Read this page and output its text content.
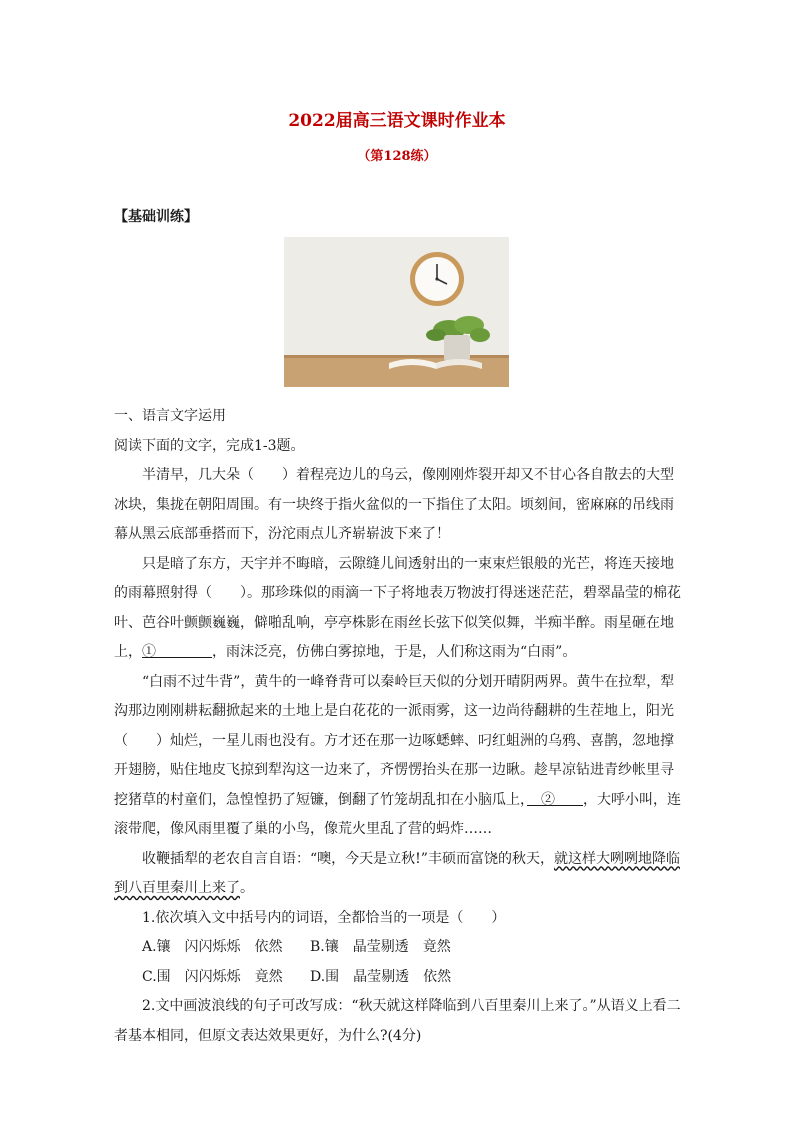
2022届高三语文课时作业本
（第128练）
【基础训练】

一、语言文字运用

阅读下面的文字，完成1-3题。

半清早，几大朵（　　）着程亮边儿的乌云，像刚刚炸裂开却又不甘心各自散去的大型冰块，集拢在朝阳周围。有一块终于指火盆似的一下指住了太阳。顷刻间，密麻麻的吊线雨幕从黑云底部垂搭而下，汾沱雨点儿齐崭崭波下来了！

只是暗了东方，天宇并不晦暗，云隙缝儿间透射出的一束束烂银般的光芒，将连天接地的雨幕照射得（　　）。那珍珠似的雨滴一下子将地表万物波打得迷迷茫茫，碧翠晶莹的棉花叶、芭谷叶颤颤巍巍，僻啪乱响，亭亭株影在雨丝长弦下似笑似舞，半痴半醉。雨星砸在地上，①　　　　，雨沫泛亮，仿佛白雾掠地，于是，人们称这雨为“白雨”。

“白雨不过牛背”，黄牛的一峰脊背可以秦岭巨天似的分划开晴阴两界。黄牛在拉犁，犁沟那边刚刚耕耘翻掀起来的土地上是白花花的一派雨雾，这一边尚待翻耕的生茬地上，阳光（　　）灿烂，一星儿雨也没有。方才还在那一边啄蟋蟀、叼红蛆洲的乌鸦、喜鹊，忽地撑开翅膀，贴住地皮飞掠到犁沟这一边来了，齐愣愣抬头在那一边瞅。趁早凉钻进青纱帐里寻挖猪草的村童们，急惶惶扔了短镰，倒翻了竹笼胡乱扣在小脑瓜上，　②　　，大呼小叫，连滚带爬，像风雨里覆了巢的小鸟，像荒火里乱了营的蚂炸……

收鞭插犁的老农自言自语：“噢，今天是立秋!”丰硕而富饶的秋天，就这样大咧咧地降临到八百里秦川上来了。

1.依次填入文中括号内的词语，全都恰当的一项是（　　）

A.镶　闪闪烁烁　依然 B.镶　晶莹剔透　竟然

C.围　闪闪烁烁　竟然 D.围　晶莹剔透　依然

2.文中画波浪线的句子可改写成：“秋天就这样降临到八百里秦川上来了。”从语义上看二者基本相同，但原文表达效果更好，为什么?(4分)
